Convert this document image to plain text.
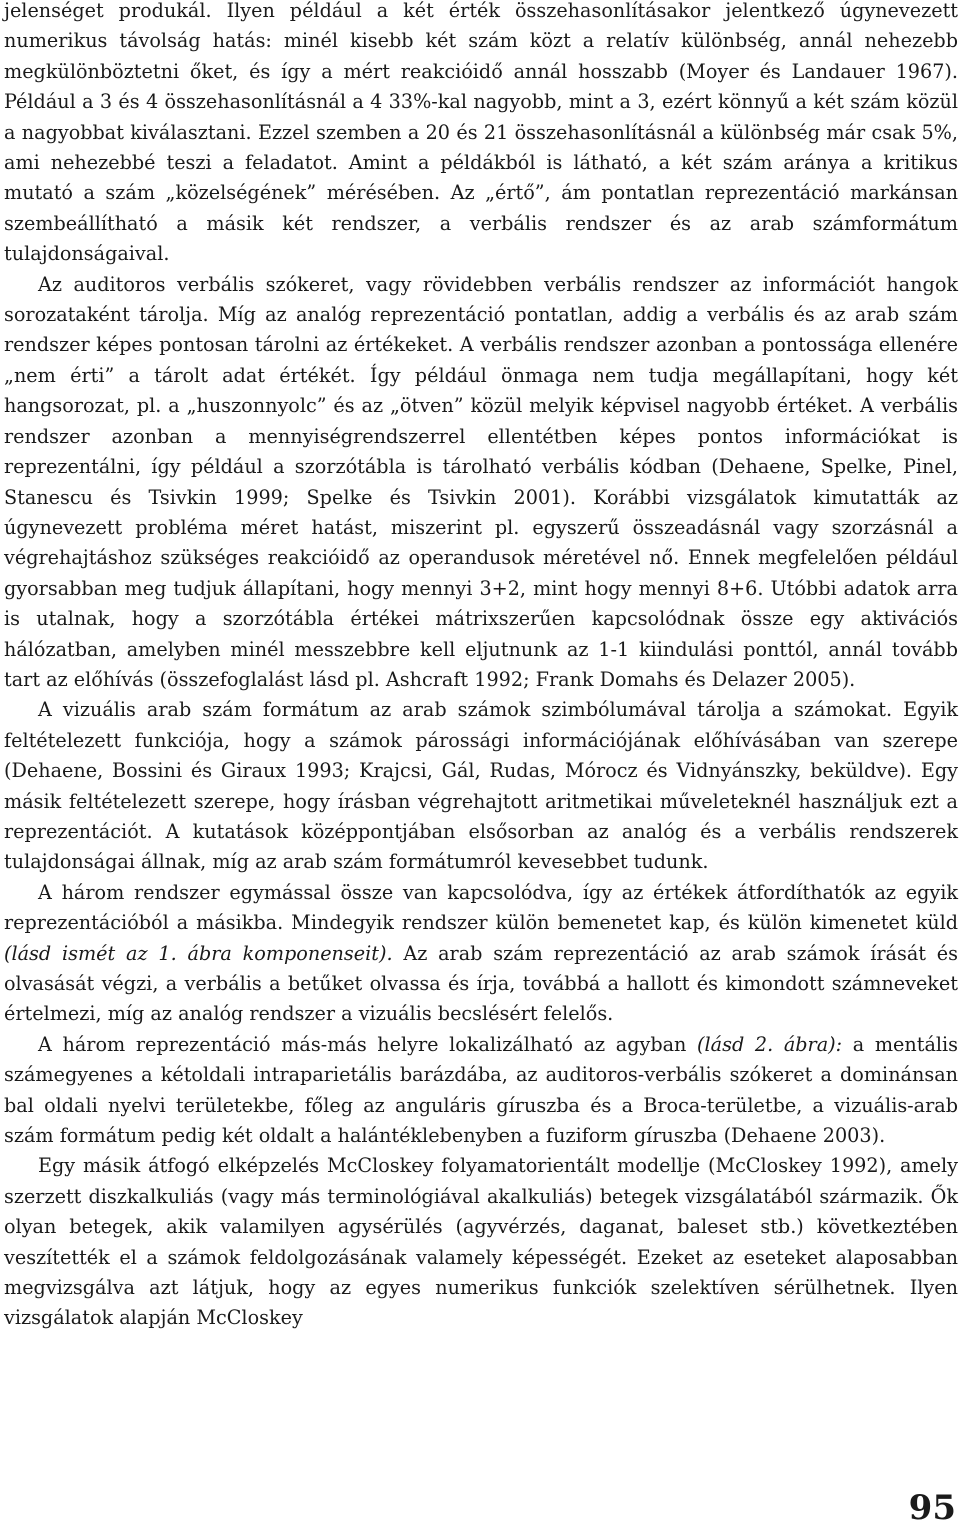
jelenséget produkál. Ilyen például a két érték összehasonlításakor jelentkező úgynevezett numerikus távolság hatás: minél kisebb két szám közt a relatív különbség, annál nehezebb megkülönböztetni őket, és így a mért reakcióidő annál hosszabb (Moyer és Landauer 1967). Például a 3 és 4 összehasonlításnál a 4 33%-kal nagyobb, mint a 3, ezért könnyű a két szám közül a nagyobbat kiválasztani. Ezzel szemben a 20 és 21 összehasonlításnál a különbség már csak 5%, ami nehezebbé teszi a feladatot. Amint a példákból is látható, a két szám aránya a kritikus mutató a szám „közelségének” mérésében. Az „értő”, ám pontatlan reprezentáció markánsan szembeállítható a másik két rendszer, a verbális rendszer és az arab számformátum tulajdonságaival.

Az auditoros verbális szókeret, vagy rövidebben verbális rendszer az információt hangok sorozataként tárolja. Míg az analóg reprezentáció pontatlan, addig a verbális és az arab szám rendszer képes pontosan tárolni az értékeket. A verbális rendszer azonban a pontossága ellenére „nem érti” a tárolt adat értékét. Így például önmaga nem tudja megállapítani, hogy két hangsorozat, pl. a „huszonnyolc” és az „ötven” közül melyik képvisel nagyobb értéket. A verbális rendszer azonban a mennyiségrendszerrel ellentétben képes pontos információkat is reprezentálni, így például a szorzótábla is tárolható verbális kódban (Dehaene, Spelke, Pinel, Stanescu és Tsivkin 1999; Spelke és Tsivkin 2001). Korábbi vizsgálatok kimutatták az úgynevezett probléma méret hatást, miszerint pl. egyszerű összeadásnál vagy szorzásnál a végrehajtáshoz szükséges reakcióidő az operandusok méretével nő. Ennek megfelelően például gyorsabban meg tudjuk állapítani, hogy mennyi 3+2, mint hogy mennyi 8+6. Utóbbi adatok arra is utalnak, hogy a szorzótábla értékei mátrixszerűen kapcsolódnak össze egy aktivációs hálózatban, amelyben minél messzebbre kell eljutnunk az 1-1 kiindulási ponttól, annál tovább tart az előhívás (összefoglalást lásd pl. Ashcraft 1992; Frank Domahs és Delazer 2005).

A vizuális arab szám formátum az arab számok szimbólumával tárolja a számokat. Egyik feltételezett funkciója, hogy a számok párossági információjának előhívásában van szerepe (Dehaene, Bossini és Giraux 1993; Krajcsi, Gál, Rudas, Mórocz és Vidnyánszky, beküldve). Egy másik feltételezett szerepe, hogy írásban végrehajtott aritmetikai műveleteknél használjuk ezt a reprezentációt. A kutatások középpontjában elsősorban az analóg és a verbális rendszerek tulajdonságai állnak, míg az arab szám formátumról kevesebbet tudunk.

A három rendszer egymással össze van kapcsolódva, így az értékek átfordíthatók az egyik reprezentációból a másikba. Mindegyik rendszer külön bemenetet kap, és külön kimenetet küld (lásd ismét az 1. ábra komponenseit). Az arab szám reprezentáció az arab számok írását és olvasását végzi, a verbális a betűket olvassa és írja, továbbá a hallott és kimondott számneveket értelmezi, míg az analóg rendszer a vizuális becslésért felelős.

A három reprezentáció más-más helyre lokalizálható az agyban (lásd 2. ábra): a mentális számegyenes a kétoldali intraparietális barázdába, az auditoros-verbális szókeret a dominánsan bal oldali nyelvi területekbe, főleg az anguláris gíruszba és a Broca-területbe, a vizuális-arab szám formátum pedig két oldalt a halántéklebenyben a fuziform gíruszba (Dehaene 2003).

Egy másik átfogó elképzelés McCloskey folyamatorientált modellje (McCloskey 1992), amely szerzett diszkalkuliás (vagy más terminológiával akalkuliás) betegek vizsgálatából származik. Ők olyan betegek, akik valamilyen agysérülés (agyvérzés, daganat, baleset stb.) következtében veszítették el a számok feldolgozásának valamely képességét. Ezeket az eseteket alaposabban megvizsgálva azt látjuk, hogy az egyes numerikus funkciók szelektíven sérülhetnek. Ilyen vizsgálatok alapján McCloskey

95
